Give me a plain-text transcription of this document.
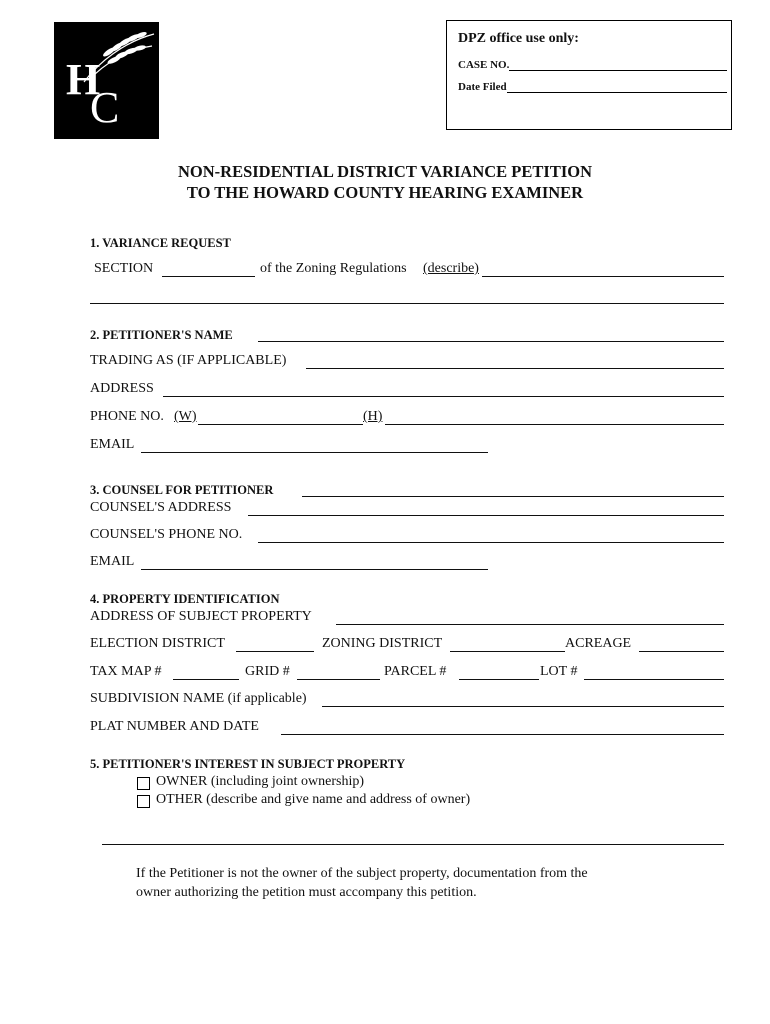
H
C
DPZ office use only:
CASE NO.
Date Filed
NON-RESIDENTIAL DISTRICT VARIANCE PETITION
TO THE HOWARD COUNTY HEARING EXAMINER
1. VARIANCE REQUEST
SECTION	of the Zoning Regulations (describe)
2. PETITIONER'S NAME
TRADING AS (IF APPLICABLE)
ADDRESS
PHONE NO. (W)	(H)
EMAIL
3. COUNSEL FOR PETITIONER
COUNSEL'S ADDRESS
COUNSEL'S PHONE NO.
EMAIL
4. PROPERTY IDENTIFICATION
ADDRESS OF SUBJECT PROPERTY
ELECTION DISTRICT	ZONING DISTRICT	ACREAGE
TAX MAP #	GRID #	PARCEL #	LOT #
SUBDIVISION NAME (if applicable)
PLAT NUMBER AND DATE
5. PETITIONER'S INTEREST IN SUBJECT PROPERTY
OWNER (including joint ownership)
OTHER (describe and give name and address of owner)
If the Petitioner is not the owner of the subject property, documentation from the
owner authorizing the petition must accompany this petition.
